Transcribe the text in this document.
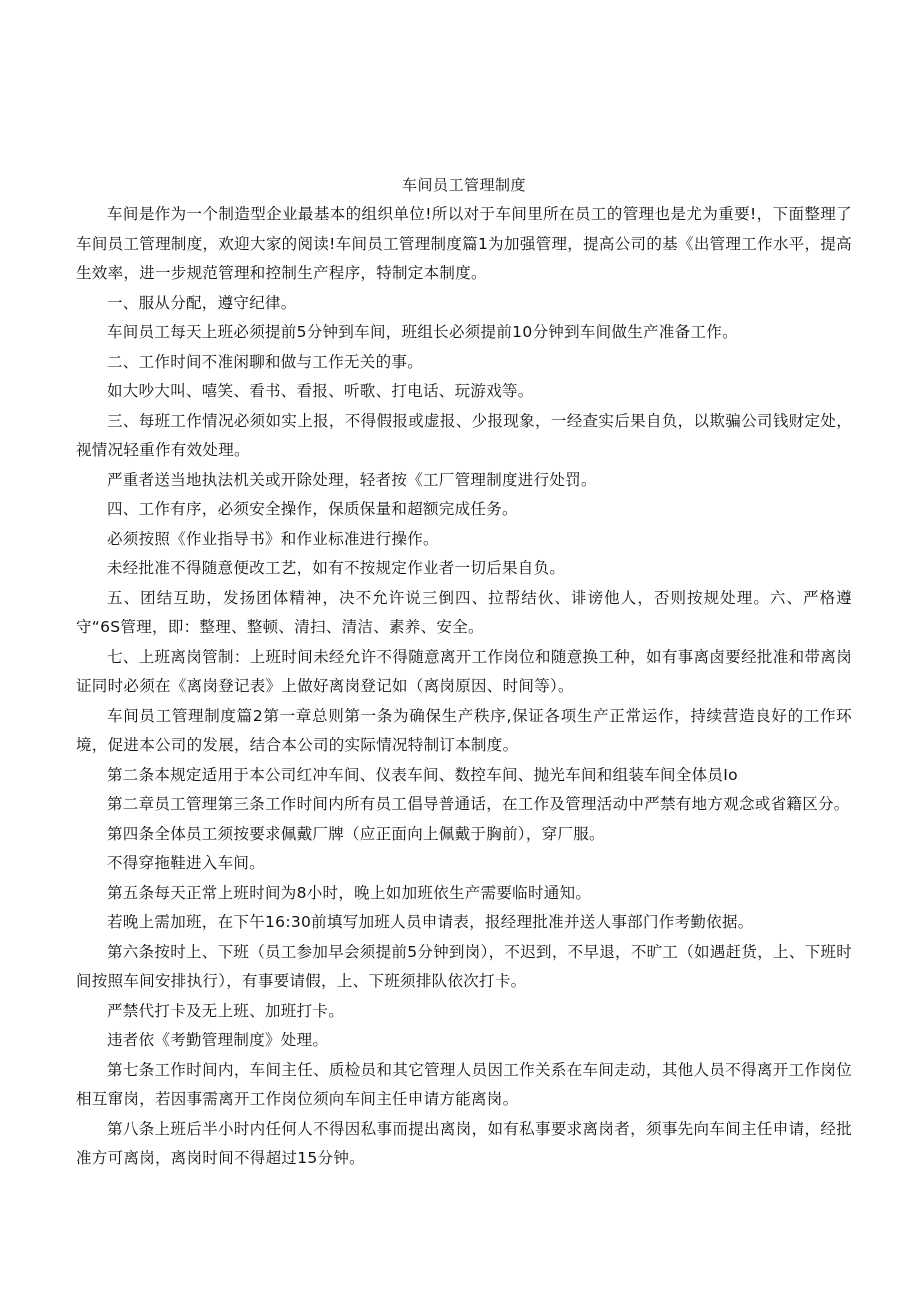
车间员工管理制度

车间是作为一个制造型企业最基本的组织单位!所以对于车间里所在员工的管理也是尤为重要!，下面整理了车间员工管理制度，欢迎大家的阅读!车间员工管理制度篇1为加强管理，提高公司的基《出管理工作水平，提高生效率，进一步规范管理和控制生产程序，特制定本制度。

一、服从分配，遵守纪律。

车间员工每天上班必须提前5分钟到车间，班组长必须提前10分钟到车间做生产准备工作。

二、工作时间不准闲聊和做与工作无关的事。

如大吵大叫、嘻笑、看书、看报、听歌、打电话、玩游戏等。

三、每班工作情况必须如实上报，不得假报或虚报、少报现象，一经查实后果自负，以欺骗公司钱财定处，视情况轻重作有效处理。

严重者送当地执法机关或开除处理，轻者按《工厂管理制度进行处罚。

四、工作有序，必须安全操作，保质保量和超额完成任务。

必须按照《作业指导书》和作业标准进行操作。

未经批准不得随意便改工艺，如有不按规定作业者一切后果自负。

五、团结互助，发扬团体精神，决不允许说三倒四、拉帮结伙、诽谤他人，否则按规处理。六、严格遵守“6S管理，即：整理、整顿、清扫、清洁、素养、安全。

七、上班离岗管制：上班时间未经允许不得随意离开工作岗位和随意换工种，如有事离卤要经批准和带离岗证同时必须在《离岗登记表》上做好离岗登记如（离岗原因、时间等）。

车间员工管理制度篇2第一章总则第一条为确保生产秩序,保证各项生产正常运作，持续营造良好的工作环境，促进本公司的发展，结合本公司的实际情况特制订本制度。

第二条本规定适用于本公司红冲车间、仪表车间、数控车间、抛光车间和组装车间全体员Io

第二章员工管理第三条工作时间内所有员工倡导普通话，在工作及管理活动中严禁有地方观念或省籍区分。

第四条全体员工须按要求佩戴厂牌（应正面向上佩戴于胸前），穿厂服。

不得穿拖鞋进入车间。

第五条每天正常上班时间为8小时，晚上如加班依生产需要临时通知。

若晚上需加班，在下午16:30前填写加班人员申请表，报经理批准并送人事部门作考勤依据。

第六条按时上、下班（员工参加早会须提前5分钟到岗），不迟到，不早退，不旷工（如遇赶货，上、下班时间按照车间安排执行），有事要请假，上、下班须排队依次打卡。

严禁代打卡及无上班、加班打卡。

违者依《考勤管理制度》处理。

第七条工作时间内，车间主任、质检员和其它管理人员因工作关系在车间走动，其他人员不得离开工作岗位相互窜岗，若因事需离开工作岗位须向车间主任申请方能离岗。

第八条上班后半小时内任何人不得因私事而提出离岗，如有私事要求离岗者，须事先向车间主任申请，经批准方可离岗，离岗时间不得超过15分钟。
